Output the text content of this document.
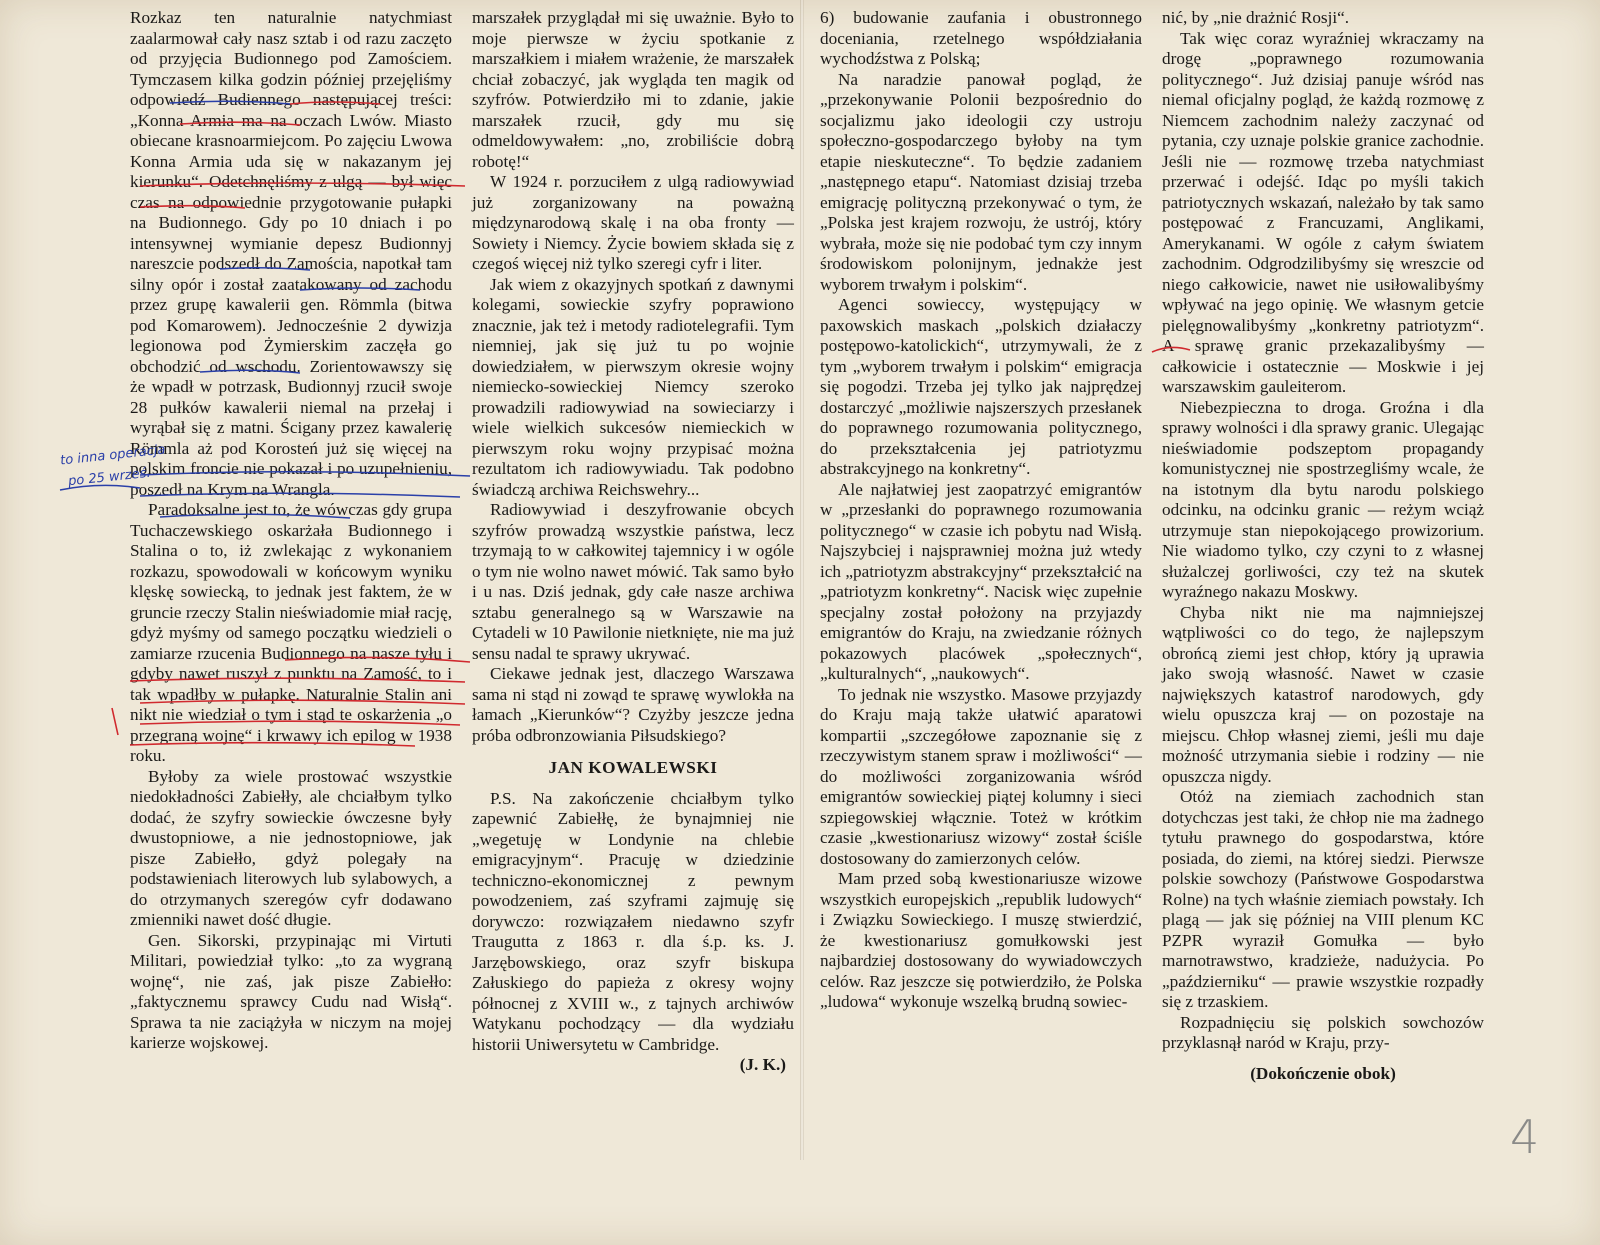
Rozkaz ten naturalnie natychmiast zaalarmował cały nasz sztab i od razu zaczęto od przyjęcia Budionnego pod Zamościem. Tymczasem kilka godzin później przejęliśmy odpowiedź Budiennego następującej treści: „Konna Armia ma na oczach Lwów. Miasto obiecane krasnoarmiejcom. Po zajęciu Lwowa Konna Armia uda się w nakazanym jej kierunku“. Odetchnęliśmy z ulgą — był więc czas na odpowiednie przygotowanie pułapki na Budionnego. Gdy po 10 dniach i po intensywnej wymianie depesz Budionnyj nareszcie podszedł do Zamościa, napotkał tam silny opór i został zaatakowany od zachodu przez grupę kawalerii gen. Römmla (bitwa pod Komarowem). Jednocześnie 2 dywizja legionowa pod Żymierskim zaczęła go obchodzić od wschodu. Zorientowawszy się że wpadł w potrzask, Budionnyj rzucił swoje 28 pułków kawalerii niemal na przełaj i wyrąbał się z matni. Ścigany przez kawalerię Römmla aż pod Korosteń już się więcej na polskim froncie nie pokazał i po uzupełnieniu, poszedł na Krym na Wrangla.

Paradoksalne jest to, że wówczas gdy grupa Tuchaczewskiego oskarżała Budionnego i Stalina o to, iż zwlekając z wykonaniem rozkazu, spowodowali w końcowym wyniku klęskę sowiecką, to jednak jest faktem, że w gruncie rzeczy Stalin nieświadomie miał rację, gdyż myśmy od samego początku wiedzieli o zamiarze rzucenia Budionnego na nasze tyłu i gdyby nawet ruszył z punktu na Zamość, to i tak wpadłby w pułapkę. Naturalnie Stalin ani nikt nie wiedział o tym i stąd te oskarżenia „o przegraną wojnę“ i krwawy ich epilog w 1938 roku.

Byłoby za wiele prostować wszystkie niedokładności Zabiełły, ale chciałbym tylko dodać, że szyfry sowieckie ówczesne były dwustopniowe, a nie jednostopniowe, jak pisze Zabiełło, gdyż polegały na podstawieniach literowych lub sylabowych, a do otrzymanych szeregów cyfr dodawano zmienniki nawet dość długie.

Gen. Sikorski, przypinając mi Virtuti Militari, powiedział tylko: „to za wygraną wojnę“, nie zaś, jak pisze Zabiełło: „faktycznemu sprawcy Cudu nad Wisłą“. Sprawa ta nie zaciążyła w niczym na mojej karierze wojskowej.

marszałek przyglądał mi się uważnie. Było to moje pierwsze w życiu spotkanie z marszałkiem i miałem wrażenie, że marszałek chciał zobaczyć, jak wygląda ten magik od szyfrów. Potwierdziło mi to zdanie, jakie marszałek rzucił, gdy mu się odmeldowywałem: „no, zrobiliście dobrą robotę!“

W 1924 r. porzuciłem z ulgą radiowywiad już zorganizowany na poważną międzynarodową skalę i na oba fronty — Sowiety i Niemcy. Życie bowiem składa się z czegoś więcej niż tylko szeregi cyfr i liter.

Jak wiem z okazyjnych spotkań z dawnymi kolegami, sowieckie szyfry poprawiono znacznie, jak też i metody radiotelegrafii. Tym niemniej, jak się już tu po wojnie dowiedziałem, w pierwszym okresie wojny niemiecko-sowieckiej Niemcy szeroko prowadzili radiowywiad na sowieciarzy i wiele wielkich sukcesów niemieckich w pierwszym roku wojny przypisać można rezultatom ich radiowywiadu. Tak podobno świadczą archiwa Reichswehry...

Radiowywiad i deszyfrowanie obcych szyfrów prowadzą wszystkie państwa, lecz trzymają to w całkowitej tajemnicy i w ogóle o tym nie wolno nawet mówić. Tak samo było i u nas. Dziś jednak, gdy całe nasze archiwa sztabu generalnego są w Warszawie na Cytadeli w 10 Pawilonie nietknięte, nie ma już sensu nadal te sprawy ukrywać.

Ciekawe jednak jest, dlaczego Warszawa sama ni stąd ni zowąd te sprawę wywlokła na łamach „Kierunków“? Czyżby jeszcze jedna próba odbronzowiania Piłsudskiego?

JAN KOWALEWSKI

P.S. Na zakończenie chciałbym tylko zapewnić Zabiełłę, że bynajmniej nie „wegetuję w Londynie na chlebie emigracyjnym“. Pracuję w dziedzinie techniczno-ekonomicznej z pewnym powodzeniem, zaś szyframi zajmuję się dorywczo: rozwiązałem niedawno szyfr Traugutta z 1863 r. dla ś.p. ks. J. Jarzębowskiego, oraz szyfr biskupa Załuskiego do papieża z okresy wojny północnej z XVIII w., z tajnych archiwów Watykanu pochodzący — dla wydziału historii Uniwersytetu w Cambridge.

(J. K.)

6) budowanie zaufania i obustronnego doceniania, rzetelnego współdziałania wychodźstwa z Polską;

Na naradzie panował pogląd, że „przekonywanie Polonii bezpośrednio do socjalizmu jako ideologii czy ustroju społeczno-gospodarczego byłoby na tym etapie nieskuteczne“. To będzie zadaniem „następnego etapu“. Natomiast dzisiaj trzeba emigrację polityczną przekonywać o tym, że „Polska jest krajem rozwoju, że ustrój, który wybrała, może się nie podobać tym czy innym środowiskom polonijnym, jednakże jest wyborem trwałym i polskim“.

Agenci sowieccy, występujący w paxowskich maskach „polskich działaczy postępowo-katolickich“, utrzymywali, że z tym „wyborem trwałym i polskim“ emigracja się pogodzi. Trzeba jej tylko jak najprędzej dostarczyć „możliwie najszerszych przesłanek do poprawnego rozumowania politycznego, do przekształcenia jej patriotyzmu abstrakcyjnego na konkretny“.

Ale najłatwiej jest zaopatrzyć emigrantów w „przesłanki do poprawnego rozumowania politycznego“ w czasie ich pobytu nad Wisłą. Najszybciej i najsprawniej można już wtedy ich „patriotyzm abstrakcyjny“ przekształcić na „patriotyzm konkretny“. Nacisk więc zupełnie specjalny został położony na przyjazdy emigrantów do Kraju, na zwiedzanie różnych pokazowych placówek „społecznych“, „kulturalnych“, „naukowych“.

To jednak nie wszystko. Masowe przyjazdy do Kraju mają także ułatwić aparatowi kompartii „szczegółowe zapoznanie się z rzeczywistym stanem spraw i możliwości“ — do możliwości zorganizowania wśród emigrantów sowieckiej piątej kolumny i sieci szpiegowskiej włącznie. Toteż w krótkim czasie „kwestionariusz wizowy“ został ściśle dostosowany do zamierzonych celów.

Mam przed sobą kwestionariusze wizowe wszystkich europejskich „republik ludowych“ i Związku Sowieckiego. I muszę stwierdzić, że kwestionariusz gomułkowski jest najbardziej dostosowany do wywiadowczych celów. Raz jeszcze się potwierdziło, że Polska „ludowa“ wykonuje wszelką brudną sowiec-

nić, by „nie drażnić Rosji“.

Tak więc coraz wyraźniej wkraczamy na drogę „poprawnego rozumowania politycznego“. Już dzisiaj panuje wśród nas niemal oficjalny pogląd, że każdą rozmowę z Niemcem zachodnim należy zaczynać od pytania, czy uznaje polskie granice zachodnie. Jeśli nie — rozmowę trzeba natychmiast przerwać i odejść. Idąc po myśli takich patriotycznych wskazań, należało by tak samo postępować z Francuzami, Anglikami, Amerykanami. W ogóle z całym światem zachodnim. Odgrodzilibyśmy się wreszcie od niego całkowicie, nawet nie usiłowalibyśmy wpływać na jego opinię. We własnym getcie pielęgnowalibyśmy „konkretny patriotyzm“. A sprawę granic przekazalibyśmy — całkowicie i ostatecznie — Moskwie i jej warszawskim gauleiterom.

Niebezpieczna to droga. Groźna i dla sprawy wolności i dla sprawy granic. Ulegając nieświadomie podszeptom propagandy komunistycznej nie spostrzegliśmy wcale, że na istotnym dla bytu narodu polskiego odcinku, na odcinku granic — reżym wciąż utrzymuje stan niepokojącego prowizorium. Nie wiadomo tylko, czy czyni to z własnej służalczej gorliwości, czy też na skutek wyraźnego nakazu Moskwy.

Chyba nikt nie ma najmniejszej wątpliwości co do tego, że najlepszym obrońcą ziemi jest chłop, który ją uprawia jako swoją własność. Nawet w czasie największych katastrof narodowych, gdy wielu opuszcza kraj — on pozostaje na miejscu. Chłop własnej ziemi, jeśli mu daje możność utrzymania siebie i rodziny — nie opuszcza nigdy.

Otóż na ziemiach zachodnich stan dotychczas jest taki, że chłop nie ma żadnego tytułu prawnego do gospodarstwa, które posiada, do ziemi, na której siedzi. Pierwsze polskie sowchozy (Państwowe Gospodarstwa Rolne) na tych właśnie ziemiach powstały. Ich plagą — jak się później na VIII plenum KC PZPR wyraził Gomułka — było marnotrawstwo, kradzieże, nadużycia. Po „październiku“ — prawie wszystkie rozpadły się z trzaskiem.

Rozpadnięciu się polskich sowchozów przyklasnął naród w Kraju, przy-

(Dokończenie obok)

to inna operacja
po 25 wrześ.
4
